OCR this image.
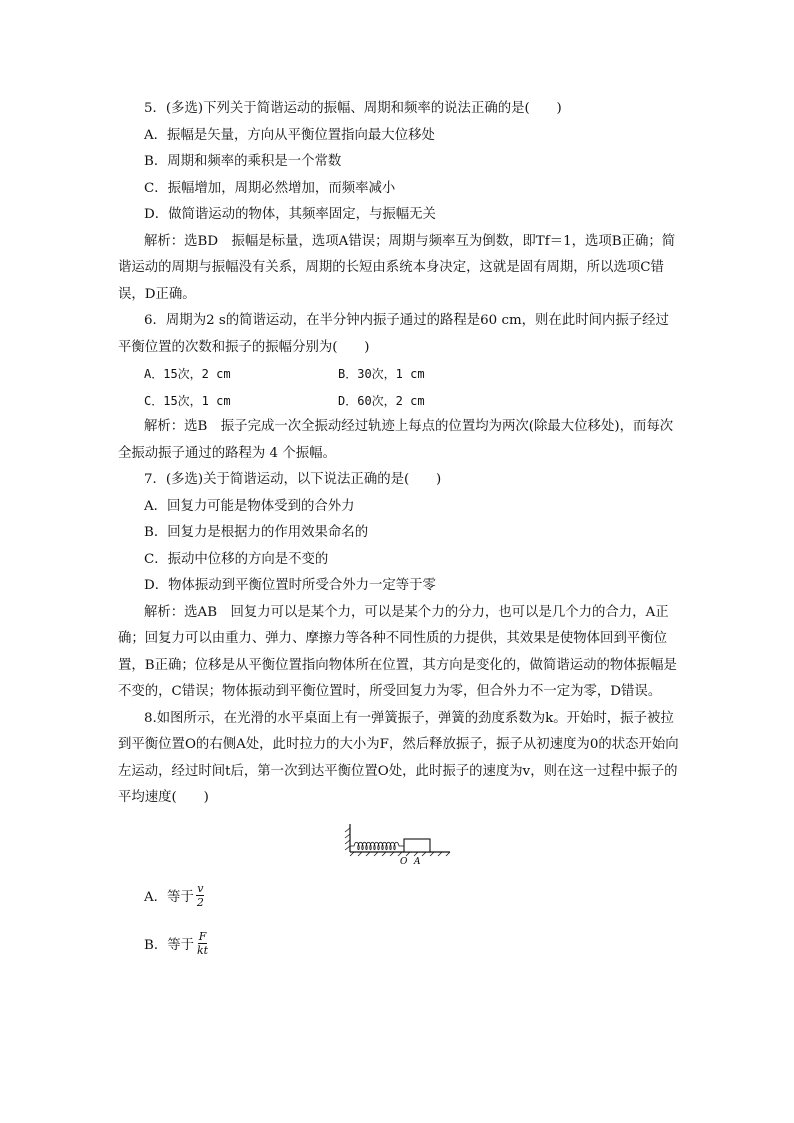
5．(多选)下列关于简谐运动的振幅、周期和频率的说法正确的是(　　)

A．振幅是矢量，方向从平衡位置指向最大位移处

B．周期和频率的乘积是一个常数

C．振幅增加，周期必然增加，而频率减小

D．做简谐运动的物体，其频率固定，与振幅无关

解析：选BD　振幅是标量，选项A错误；周期与频率互为倒数，即Tf＝1，选项B正确；简谐运动的周期与振幅没有关系，周期的长短由系统本身决定，这就是固有周期，所以选项C错误，D正确。

6．周期为2 s的简谐运动，在半分钟内振子通过的路程是60 cm，则在此时间内振子经过平衡位置的次数和振子的振幅分别为(　　)

A．15次，2 cm	B．30次，1 cm
C．15次，1 cm	D．60次，2 cm

解析：选B　振子完成一次全振动经过轨迹上每点的位置均为两次(除最大位移处)，而每次全振动振子通过的路程为 4 个振幅。

7．(多选)关于简谐运动，以下说法正确的是(　　)

A．回复力可能是物体受到的合外力

B．回复力是根据力的作用效果命名的

C．振动中位移的方向是不变的

D．物体振动到平衡位置时所受合外力一定等于零

解析：选AB　回复力可以是某个力，可以是某个力的分力，也可以是几个力的合力，A正确；回复力可以由重力、弹力、摩擦力等各种不同性质的力提供，其效果是使物体回到平衡位置，B正确；位移是从平衡位置指向物体所在位置，其方向是变化的，做简谐运动的物体振幅是不变的，C错误；物体振动到平衡位置时，所受回复力为零，但合外力不一定为零，D错误。

8.如图所示，在光滑的水平桌面上有一弹簧振子，弹簧的劲度系数为k。开始时，振子被拉到平衡位置O的右侧A处，此时拉力的大小为F，然后释放振子，振子从初速度为0的状态开始向左运动，经过时间t后，第一次到达平衡位置O处，此时振子的速度为v，则在这一过程中振子的平均速度(　　)

O A
A．等于 $\frac{v}{2}$
B．等于 $\frac{F}{kt}$
